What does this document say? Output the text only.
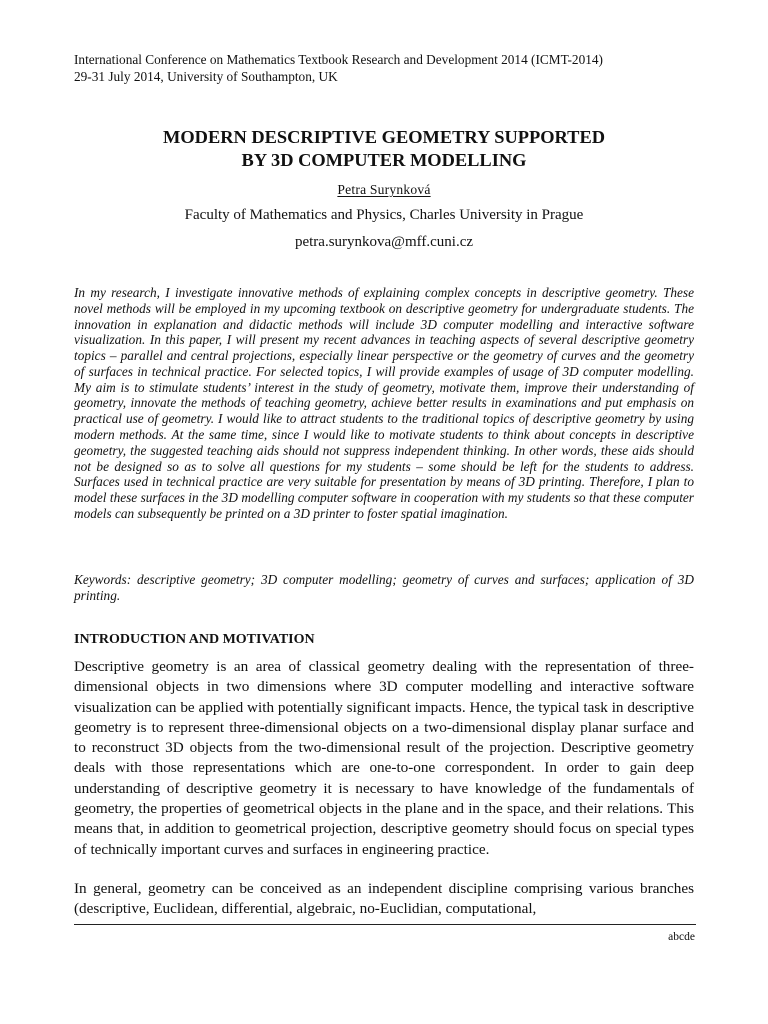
International Conference on Mathematics Textbook Research and Development 2014 (ICMT-2014)
29-31 July 2014, University of Southampton, UK
MODERN DESCRIPTIVE GEOMETRY SUPPORTED
BY 3D COMPUTER MODELLING
Petra Surynková
Faculty of Mathematics and Physics, Charles University in Prague
petra.surynkova@mff.cuni.cz
In my research, I investigate innovative methods of explaining complex concepts in descriptive geometry. These novel methods will be employed in my upcoming textbook on descriptive geometry for undergraduate students. The innovation in explanation and didactic methods will include 3D computer modelling and interactive software visualization. In this paper, I will present my recent advances in teaching aspects of several descriptive geometry topics – parallel and central projections, especially linear perspective or the geometry of curves and the geometry of surfaces in technical practice. For selected topics, I will provide examples of usage of 3D computer modelling. My aim is to stimulate students’ interest in the study of geometry, motivate them, improve their understanding of geometry, innovate the methods of teaching geometry, achieve better results in examinations and put emphasis on practical use of geometry. I would like to attract students to the traditional topics of descriptive geometry by using modern methods. At the same time, since I would like to motivate students to think about concepts in descriptive geometry, the suggested teaching aids should not suppress independent thinking. In other words, these aids should not be designed so as to solve all questions for my students – some should be left for the students to address. Surfaces used in technical practice are very suitable for presentation by means of 3D printing. Therefore, I plan to model these surfaces in the 3D modelling computer software in cooperation with my students so that these computer models can subsequently be printed on a 3D printer to foster spatial imagination.
Keywords: descriptive geometry; 3D computer modelling; geometry of curves and surfaces; application of 3D printing.
INTRODUCTION AND MOTIVATION
Descriptive geometry is an area of classical geometry dealing with the representation of three-dimensional objects in two dimensions where 3D computer modelling and interactive software visualization can be applied with potentially significant impacts. Hence, the typical task in descriptive geometry is to represent three-dimensional objects on a two-dimensional display planar surface and to reconstruct 3D objects from the two-dimensional result of the projection. Descriptive geometry deals with those representations which are one-to-one correspondent. In order to gain deep understanding of descriptive geometry it is necessary to have knowledge of the fundamentals of geometry, the properties of geometrical objects in the plane and in the space, and their relations. This means that, in addition to geometrical projection, descriptive geometry should focus on special types of technically important curves and surfaces in engineering practice.
In general, geometry can be conceived as an independent discipline comprising various branches (descriptive, Euclidean, differential, algebraic, no-Euclidian, computational,
abcde
